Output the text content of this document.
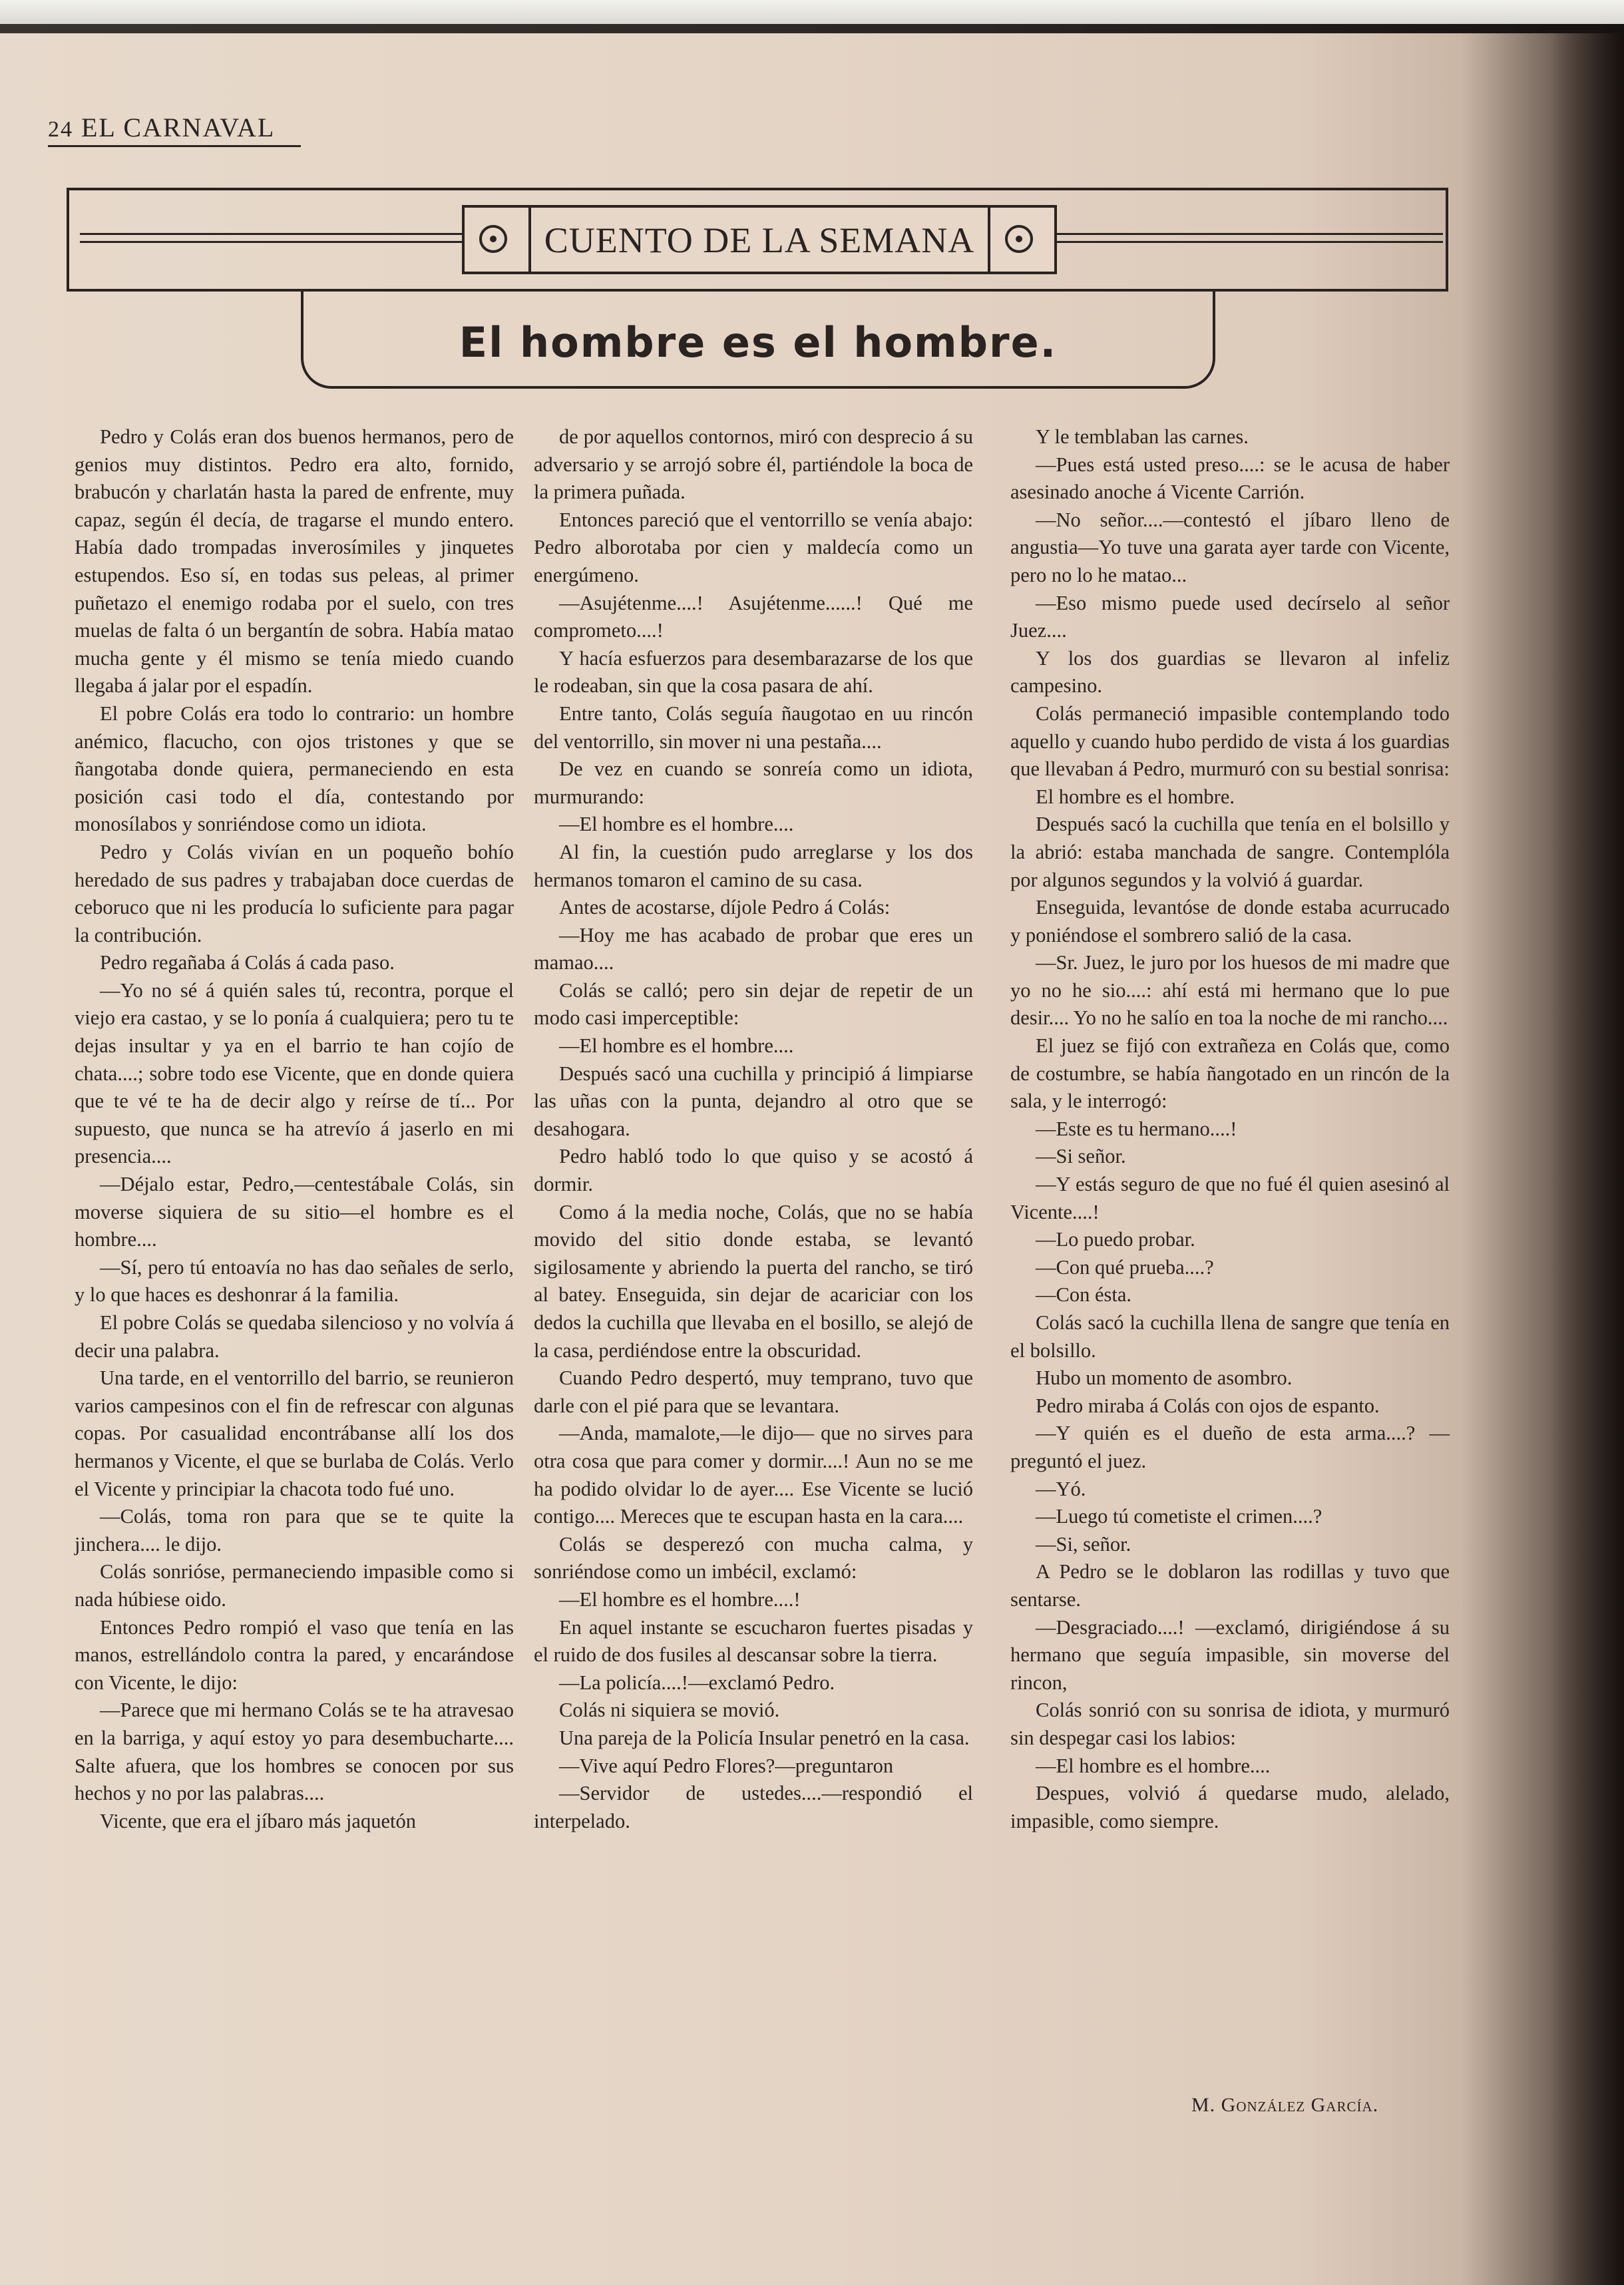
24 EL CARNAVAL
CUENTO DE LA SEMANA
El hombre es el hombre.

Pedro y Colás eran dos buenos hermanos, pero de genios muy distintos. Pedro era alto, fornido, brabucón y charlatán hasta la pared de enfrente, muy capaz, según él decía, de tragarse el mundo entero. Había dado trompadas inverosímiles y jinquetes estupendos. Eso sí, en todas sus peleas, al primer puñetazo el enemigo rodaba por el suelo, con tres muelas de falta ó un bergantín de sobra. Había matao mucha gente y él mismo se tenía miedo cuando llegaba á jalar por el espadín.

El pobre Colás era todo lo contrario: un hombre anémico, flacucho, con ojos tristones y que se ñangotaba donde quiera, permaneciendo en esta posición casi todo el día, contestando por monosílabos y sonriéndose como un idiota.

Pedro y Colás vivían en un poqueño bohío heredado de sus padres y trabajaban doce cuerdas de ceboruco que ni les producía lo suficiente para pagar la contribución.

Pedro regañaba á Colás á cada paso.

—Yo no sé á quién sales tú, recontra, porque el viejo era castao, y se lo ponía á cualquiera; pero tu te dejas insultar y ya en el barrio te han cojío de chata....; sobre todo ese Vicente, que en donde quiera que te vé te ha de decir algo y reírse de tí... Por supuesto, que nunca se ha atrevío á jaserlo en mi presencia....

—Déjalo estar, Pedro,—centestábale Colás, sin moverse siquiera de su sitio—el hombre es el hombre....

—Sí, pero tú entoavía no has dao señales de serlo, y lo que haces es deshonrar á la familia.

El pobre Colás se quedaba silencioso y no volvía á decir una palabra.

Una tarde, en el ventorrillo del barrio, se reunieron varios campesinos con el fin de refrescar con algunas copas. Por casualidad encontrábanse allí los dos hermanos y Vicente, el que se burlaba de Colás. Verlo el Vicente y principiar la chacota todo fué uno.

—Colás, toma ron para que se te quite la jinchera.... le dijo.

Colás sonrióse, permaneciendo impasible como si nada húbiese oido.

Entonces Pedro rompió el vaso que tenía en las manos, estrellándolo contra la pared, y encarándose con Vicente, le dijo:

—Parece que mi hermano Colás se te ha atravesao en la barriga, y aquí estoy yo para desembucharte.... Salte afuera, que los hombres se conocen por sus hechos y no por las palabras....

Vicente, que era el jíbaro más jaquetón

de por aquellos contornos, miró con desprecio á su adversario y se arrojó sobre él, partiéndole la boca de la primera puñada.

Entonces pareció que el ventorrillo se venía abajo: Pedro alborotaba por cien y maldecía como un energúmeno.

—Asujétenme....! Asujétenme......! Qué me comprometo....!

Y hacía esfuerzos para desembarazarse de los que le rodeaban, sin que la cosa pasara de ahí.

Entre tanto, Colás seguía ñaugotao en uu rincón del ventorrillo, sin mover ni una pestaña....

De vez en cuando se sonreía como un idiota, murmurando:

—El hombre es el hombre....

Al fin, la cuestión pudo arreglarse y los dos hermanos tomaron el camino de su casa.

Antes de acostarse, díjole Pedro á Colás:

—Hoy me has acabado de probar que eres un mamao....

Colás se calló; pero sin dejar de repetir de un modo casi imperceptible:

—El hombre es el hombre....

Después sacó una cuchilla y principió á limpiarse las uñas con la punta, dejandro al otro que se desahogara.

Pedro habló todo lo que quiso y se acostó á dormir.

Como á la media noche, Colás, que no se había movido del sitio donde estaba, se levantó sigilosamente y abriendo la puerta del rancho, se tiró al batey. Enseguida, sin dejar de acariciar con los dedos la cuchilla que llevaba en el bosillo, se alejó de la casa, perdiéndose entre la obscuridad.

Cuando Pedro despertó, muy temprano, tuvo que darle con el pié para que se levantara.

—Anda, mamalote,—le dijo— que no sirves para otra cosa que para comer y dormir....! Aun no se me ha podido olvidar lo de ayer.... Ese Vicente se lució contigo.... Mereces que te escupan hasta en la cara....

Colás se desperezó con mucha calma, y sonriéndose como un imbécil, exclamó:

—El hombre es el hombre....!

En aquel instante se escucharon fuertes pisadas y el ruido de dos fusiles al descansar sobre la tierra.

—La policía....!—exclamó Pedro.

Colás ni siquiera se movió.

Una pareja de la Policía Insular penetró en la casa.

—Vive aquí Pedro Flores?—preguntaron

—Servidor de ustedes....—respondió el interpelado.

Y le temblaban las carnes.

—Pues está usted preso....: se le acusa de haber asesinado anoche á Vicente Carrión.

—No señor....—contestó el jíbaro lleno de angustia—Yo tuve una garata ayer tarde con Vicente, pero no lo he matao...

—Eso mismo puede used decírselo al señor Juez....

Y los dos guardias se llevaron al infeliz campesino.

Colás permaneció impasible contemplando todo aquello y cuando hubo perdido de vista á los guardias que llevaban á Pedro, murmuró con su bestial sonrisa:

El hombre es el hombre.

Después sacó la cuchilla que tenía en el bolsillo y la abrió: estaba manchada de sangre. Contemplóla por algunos segundos y la volvió á guardar.

Enseguida, levantóse de donde estaba acurrucado y poniéndose el sombrero salió de la casa.

—Sr. Juez, le juro por los huesos de mi madre que yo no he sio....: ahí está mi hermano que lo pue desir.... Yo no he salío en toa la noche de mi rancho....

El juez se fijó con extrañeza en Colás que, como de costumbre, se había ñangotado en un rincón de la sala, y le interrogó:

—Este es tu hermano....!

—Si señor.

—Y estás seguro de que no fué él quien asesinó al Vicente....!

—Lo puedo probar.

—Con qué prueba....?

—Con ésta.

Colás sacó la cuchilla llena de sangre que tenía en el bolsillo.

Hubo un momento de asombro.

Pedro miraba á Colás con ojos de espanto.

—Y quién es el dueño de esta arma....? —preguntó el juez.

—Yó.

—Luego tú cometiste el crimen....?

—Si, señor.

A Pedro se le doblaron las rodillas y tuvo que sentarse.

—Desgraciado....! —exclamó, dirigiéndose á su hermano que seguía impasible, sin moverse del rincon,

Colás sonrió con su sonrisa de idiota, y murmuró sin despegar casi los labios:

—El hombre es el hombre....

Despues, volvió á quedarse mudo, alelado, impasible, como siempre.

M. González García.
